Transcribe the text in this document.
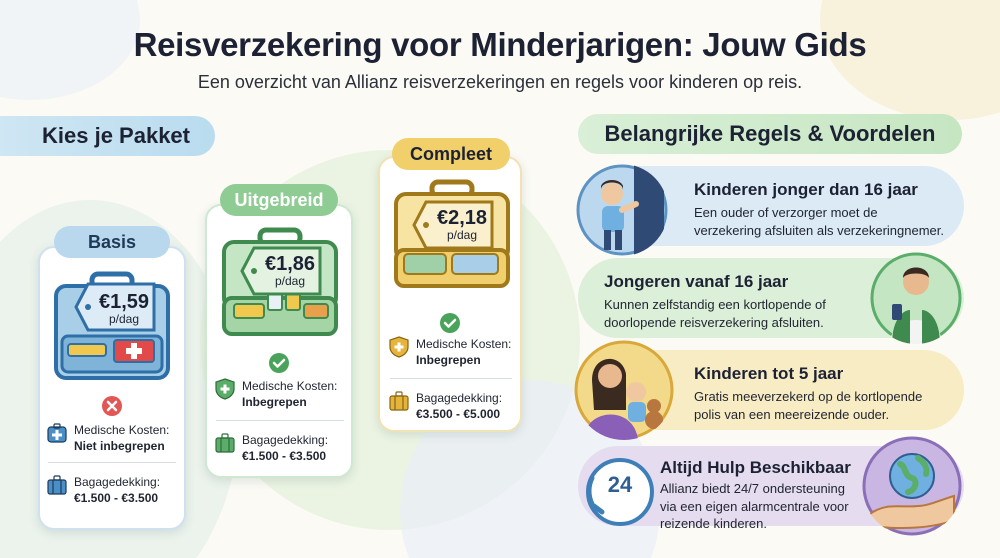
Reisverzekering voor Minderjarigen: Jouw Gids
Een overzicht van Allianz reisverzekeringen en regels voor kinderen op reis.
Kies je Pakket
Basis
€1,59
p/dag
Medische Kosten:
Niet inbegrepen
Bagagedekking:
€1.500 - €3.500
Uitgebreid
€1,86
p/dag
Medische Kosten:
Inbegrepen
Bagagedekking:
€1.500 - €3.500
Compleet
€2,18
p/dag
Medische Kosten:
Inbegrepen
Bagagedekking:
€3.500 - €5.000
Belangrijke Regels & Voordelen
Kinderen jonger dan 16 jaar
Een ouder of verzorger moet de
verzekering afsluiten als verzekeringnemer.
Jongeren vanaf 16 jaar
Kunnen zelfstandig een kortlopende of
doorlopende reisverzekering afsluiten.
Kinderen tot 5 jaar
Gratis meeverzekerd op de kortlopende
polis van een meereizende ouder.
Altijd Hulp Beschikbaar
Allianz biedt 24/7 ondersteuning
via een eigen alarmcentrale voor
reizende kinderen.
24
